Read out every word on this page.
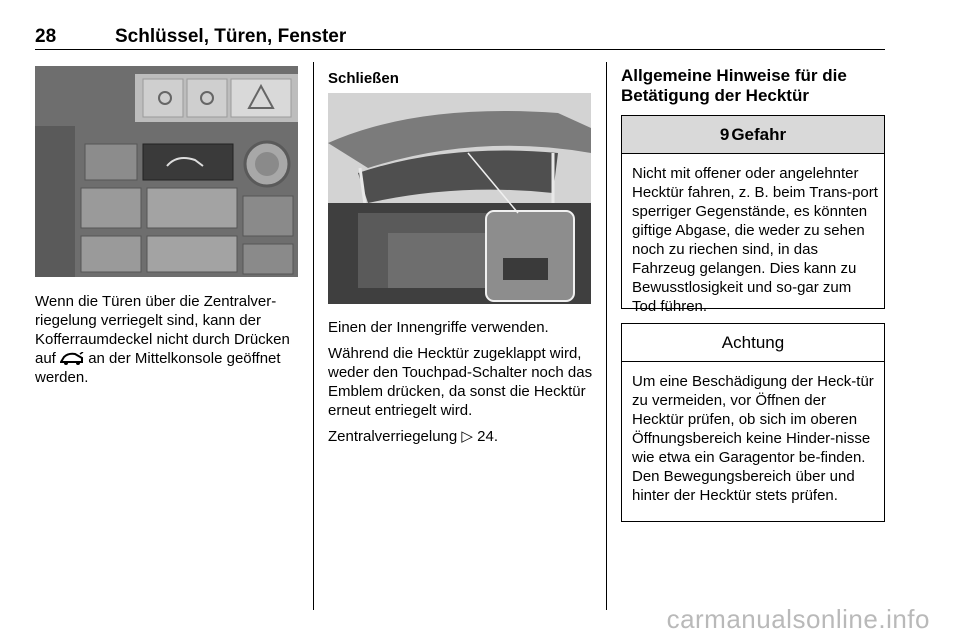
28	Schlüssel, Türen, Fenster

Wenn die Türen über die Zentralver-riegelung verriegelt sind, kann der Kofferraumdeckel nicht durch Drücken auf an der Mittelkonsole geöffnet werden.

Schließen

Einen der Innengriffe verwenden.

Während die Hecktür zugeklappt wird, weder den Touchpad-Schalter noch das Emblem drücken, da sonst die Hecktür erneut entriegelt wird.

Zentralverriegelung ▷ 24.

Allgemeine Hinweise für die Betätigung der Hecktür
9 Gefahr
Nicht mit offener oder angelehnter Hecktür fahren, z. B. beim Trans-port sperriger Gegenstände, es könnten giftige Abgase, die weder zu sehen noch zu riechen sind, in das Fahrzeug gelangen. Dies kann zu Bewusstlosigkeit und so-gar zum Tod führen.
Achtung
Um eine Beschädigung der Heck-tür zu vermeiden, vor Öffnen der Hecktür prüfen, ob sich im oberen Öffnungsbereich keine Hinder-nisse wie etwa ein Garagentor be-finden. Den Bewegungsbereich über und hinter der Hecktür stets prüfen.
carmanualsonline.info
